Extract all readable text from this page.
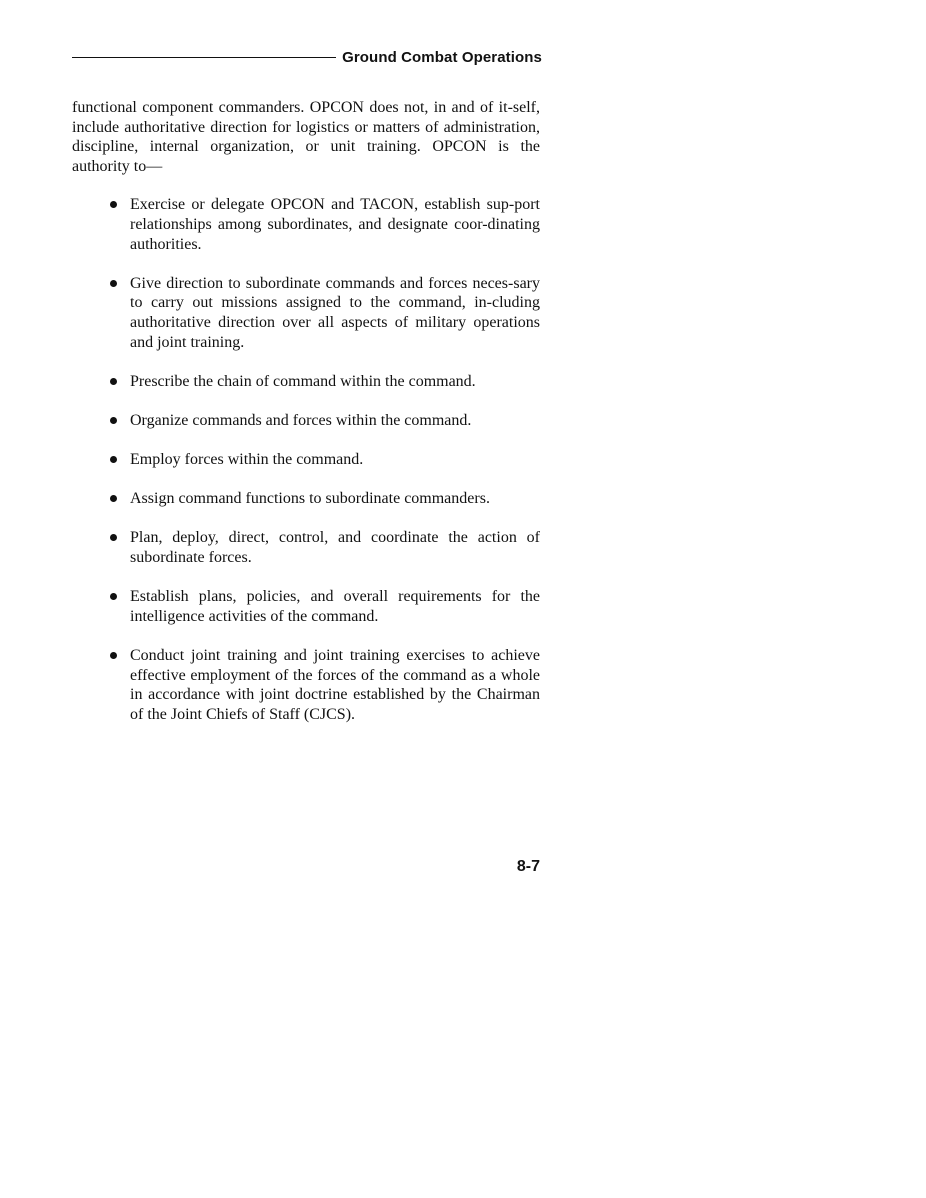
Ground Combat Operations

functional component commanders. OPCON does not, in and of it-self, include authoritative direction for logistics or matters of administration, discipline, internal organization, or unit training. OPCON is the authority to—

Exercise or delegate OPCON and TACON, establish sup-port relationships among subordinates, and designate coor-dinating authorities.
Give direction to subordinate commands and forces neces-sary to carry out missions assigned to the command, in-cluding authoritative direction over all aspects of military operations and joint training.
Prescribe the chain of command within the command.
Organize commands and forces within the command.
Employ forces within the command.
Assign command functions to subordinate commanders.
Plan, deploy, direct, control, and coordinate the action of subordinate forces.
Establish plans, policies, and overall requirements for the intelligence activities of the command.
Conduct joint training and joint training exercises to achieve effective employment of the forces of the command as a whole in accordance with joint doctrine established by the Chairman of the Joint Chiefs of Staff (CJCS).
8-7
